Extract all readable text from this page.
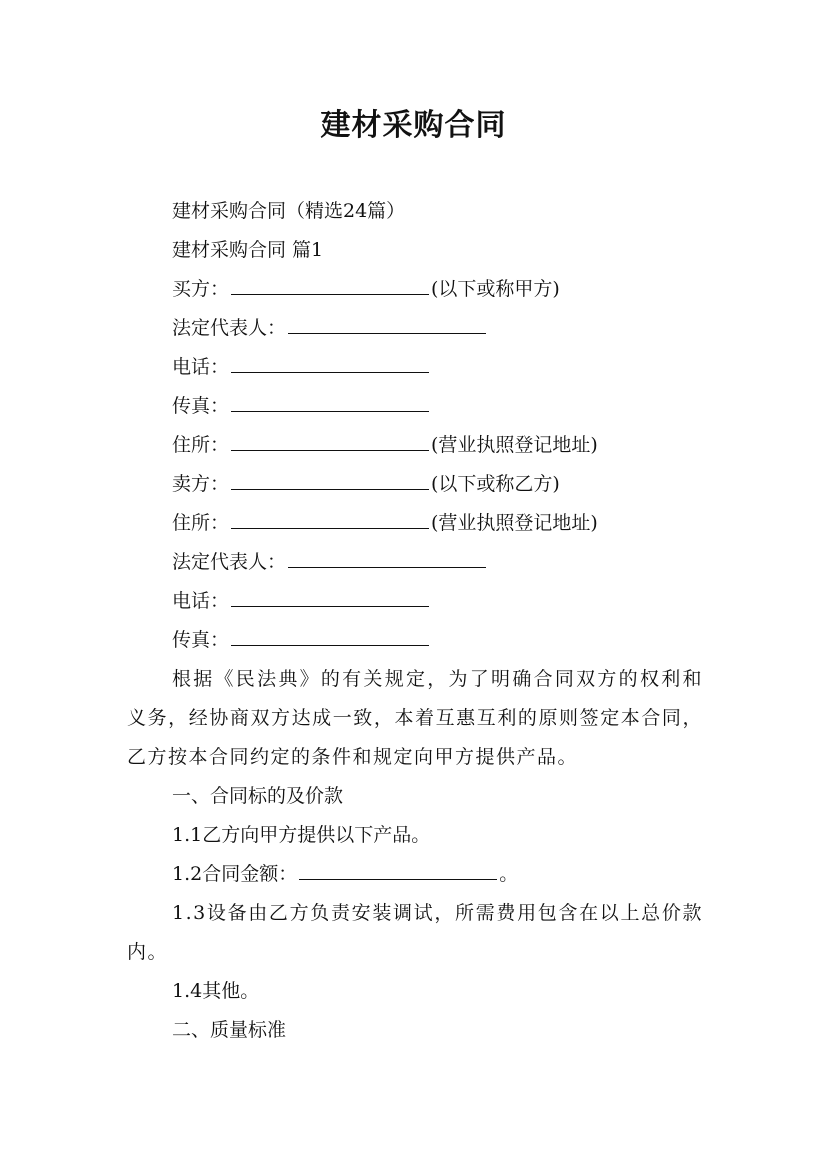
建材采购合同
建材采购合同（精选24篇）
建材采购合同 篇1
买方：	(以下或称甲方)
法定代表人：
电话：
传真：
住所：	(营业执照登记地址)
卖方：	(以下或称乙方)
住所：	(营业执照登记地址)
法定代表人：
电话：
传真：
根据《民法典》的有关规定，为了明确合同双方的权利和义务，经协商双方达成一致，本着互惠互利的原则签定本合同，乙方按本合同约定的条件和规定向甲方提供产品。
一、合同标的及价款
1.1乙方向甲方提供以下产品。
1.2合同金额：	。
1.3设备由乙方负责安装调试，所需费用包含在以上总价款内。
1.4其他。
二、质量标准
